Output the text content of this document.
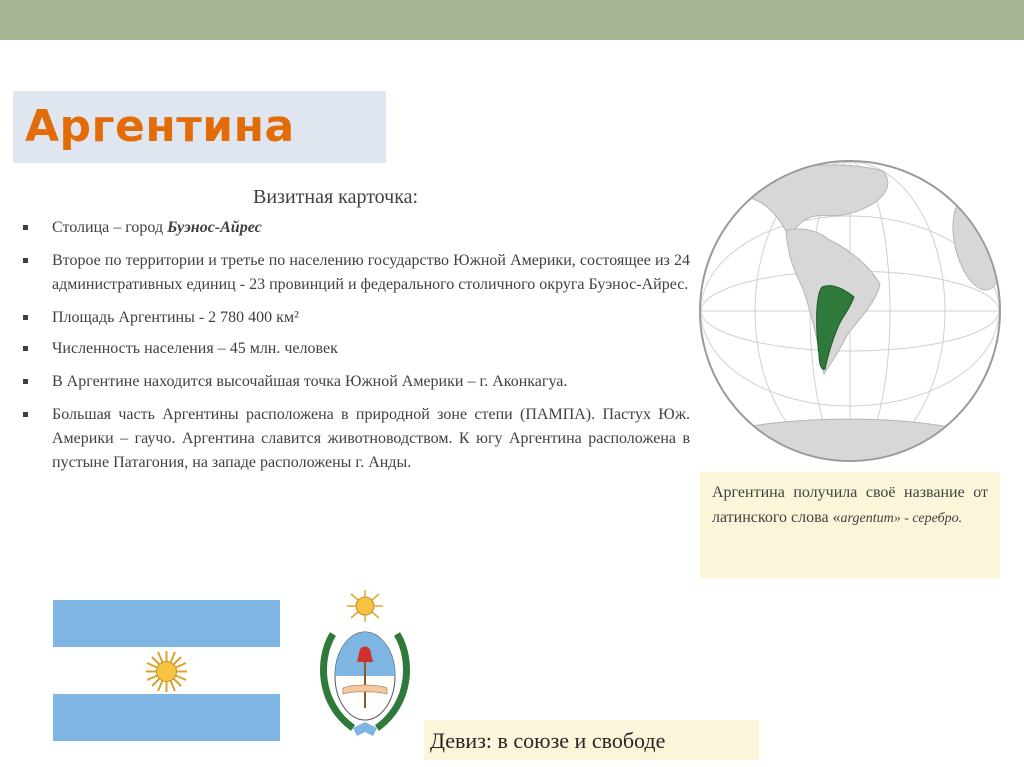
Аргентина
Визитная карточка:
Столица – город Буэнос-Айрес
Второе по территории и третье по населению государство Южной Америки, состоящее из 24 административных единиц - 23 провинций и федерального столичного округа Буэнос-Айрес.
Площадь Аргентины - 2 780 400 км²
Численность населения – 45 млн. человек
В Аргентине находится высочайшая точка Южной Америки – г. Аконкагуа.
Большая часть Аргентины расположена в природной зоне степи (ПАМПА). Пастух Юж. Америки – гаучо. Аргентина славится животноводством. К югу Аргентина расположена в пустыне Патагония, на западе расположены г. Анды.
Аргентина получила своё название от латинского слова «argentum» - серебро.
Девиз: в союзе и свободе
